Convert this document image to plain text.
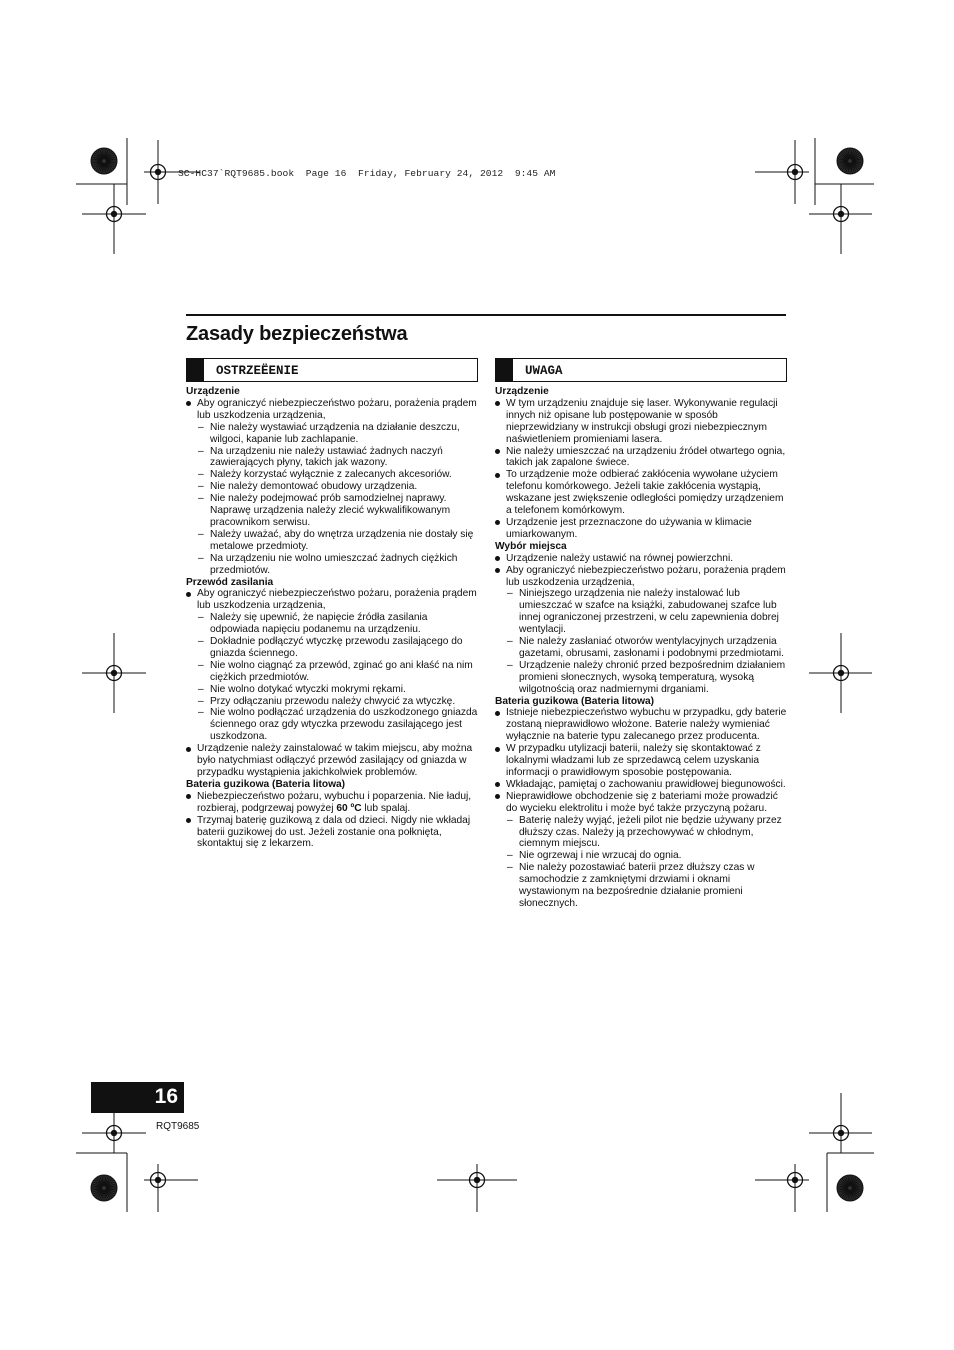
SC-HC37`RQT9685.book  Page 16  Friday, February 24, 2012  9:45 AM
Zasady bezpieczeństwa
OSTRZEËENIE
Urządzenie
Aby ograniczyć niebezpieczeństwo pożaru, porażenia prądem lub uszkodzenia urządzenia,
– Nie należy wystawiać urządzenia na działanie deszczu, wilgoci, kapanie lub zachlapanie.
– Na urządzeniu nie należy ustawiać żadnych naczyń zawierających płyny, takich jak wazony.
– Należy korzystać wyłącznie z zalecanych akcesoriów.
– Nie należy demontować obudowy urządzenia.
– Nie należy podejmować prób samodzielnej naprawy. Naprawę urządzenia należy zlecić wykwalifikowanym pracownikom serwisu.
– Należy uważać, aby do wnętrza urządzenia nie dostały się metalowe przedmioty.
– Na urządzeniu nie wolno umieszczać żadnych ciężkich przedmiotów.
Przewód zasilania
Aby ograniczyć niebezpieczeństwo pożaru, porażenia prądem lub uszkodzenia urządzenia,
– Należy się upewnić, że napięcie źródła zasilania odpowiada napięciu podanemu na urządzeniu.
– Dokładnie podłączyć wtyczkę przewodu zasilającego do gniazda ściennego.
– Nie wolno ciągnąć za przewód, zginać go ani kłaść na nim ciężkich przedmiotów.
– Nie wolno dotykać wtyczki mokrymi rękami.
– Przy odłączaniu przewodu należy chwycić za wtyczkę.
– Nie wolno podłączać urządzenia do uszkodzonego gniazda ściennego oraz gdy wtyczka przewodu zasilającego jest uszkodzona.
Urządzenie należy zainstalować w takim miejscu, aby można było natychmiast odłączyć przewód zasilający od gniazda w przypadku wystąpienia jakichkolwiek problemów.
Bateria guzikowa (Bateria litowa)
Niebezpieczeństwo pożaru, wybuchu i poparzenia. Nie ładuj, rozbieraj, podgrzewaj powyżej 60 ºC lub spalaj.
Trzymaj baterię guzikową z dala od dzieci. Nigdy nie wkładaj baterii guzikowej do ust. Jeżeli zostanie ona połknięta, skontaktuj się z lekarzem.
UWAGA
Urządzenie
W tym urządzeniu znajduje się laser. Wykonywanie regulacji innych niż opisane lub postępowanie w sposób nieprzewidziany w instrukcji obsługi grozi niebezpiecznym naświetleniem promieniami lasera.
Nie należy umieszczać na urządzeniu źródeł otwartego ognia, takich jak zapalone świece.
To urządzenie może odbierać zakłócenia wywołane użyciem telefonu komórkowego. Jeżeli takie zakłócenia wystąpią, wskazane jest zwiększenie odległości pomiędzy urządzeniem a telefonem komórkowym.
Urządzenie jest przeznaczone do używania w klimacie umiarkowanym.
Wybór miejsca
Urządzenie należy ustawić na równej powierzchni.
Aby ograniczyć niebezpieczeństwo pożaru, porażenia prądem lub uszkodzenia urządzenia,
– Niniejszego urządzenia nie należy instalować lub umieszczać w szafce na książki, zabudowanej szafce lub innej ograniczonej przestrzeni, w celu zapewnienia dobrej wentylacji.
– Nie należy zasłaniać otworów wentylacyjnych urządzenia gazetami, obrusami, zasłonami i podobnymi przedmiotami.
– Urządzenie należy chronić przed bezpośrednim działaniem promieni słonecznych, wysoką temperaturą, wysoką wilgotnością oraz nadmiernymi drganiami.
Bateria guzikowa (Bateria litowa)
Istnieje niebezpieczeństwo wybuchu w przypadku, gdy baterie zostaną nieprawidłowo włożone. Baterie należy wymieniać wyłącznie na baterie typu zalecanego przez producenta.
W przypadku utylizacji baterii, należy się skontaktować z lokalnymi władzami lub ze sprzedawcą celem uzyskania informacji o prawidłowym sposobie postępowania.
Wkładając, pamiętaj o zachowaniu prawidłowej biegunowości.
Nieprawidłowe obchodzenie się z bateriami może prowadzić do wycieku elektrolitu i może być także przyczyną pożaru.
– Baterię należy wyjąć, jeżeli pilot nie będzie używany przez dłuższy czas. Należy ją przechowywać w chłodnym, ciemnym miejscu.
– Nie ogrzewaj i nie wrzucaj do ognia.
– Nie należy pozostawiać baterii przez dłuższy czas w samochodzie z zamkniętymi drzwiami i oknami wystawionym na bezpośrednie działanie promieni słonecznych.
16
RQT9685
